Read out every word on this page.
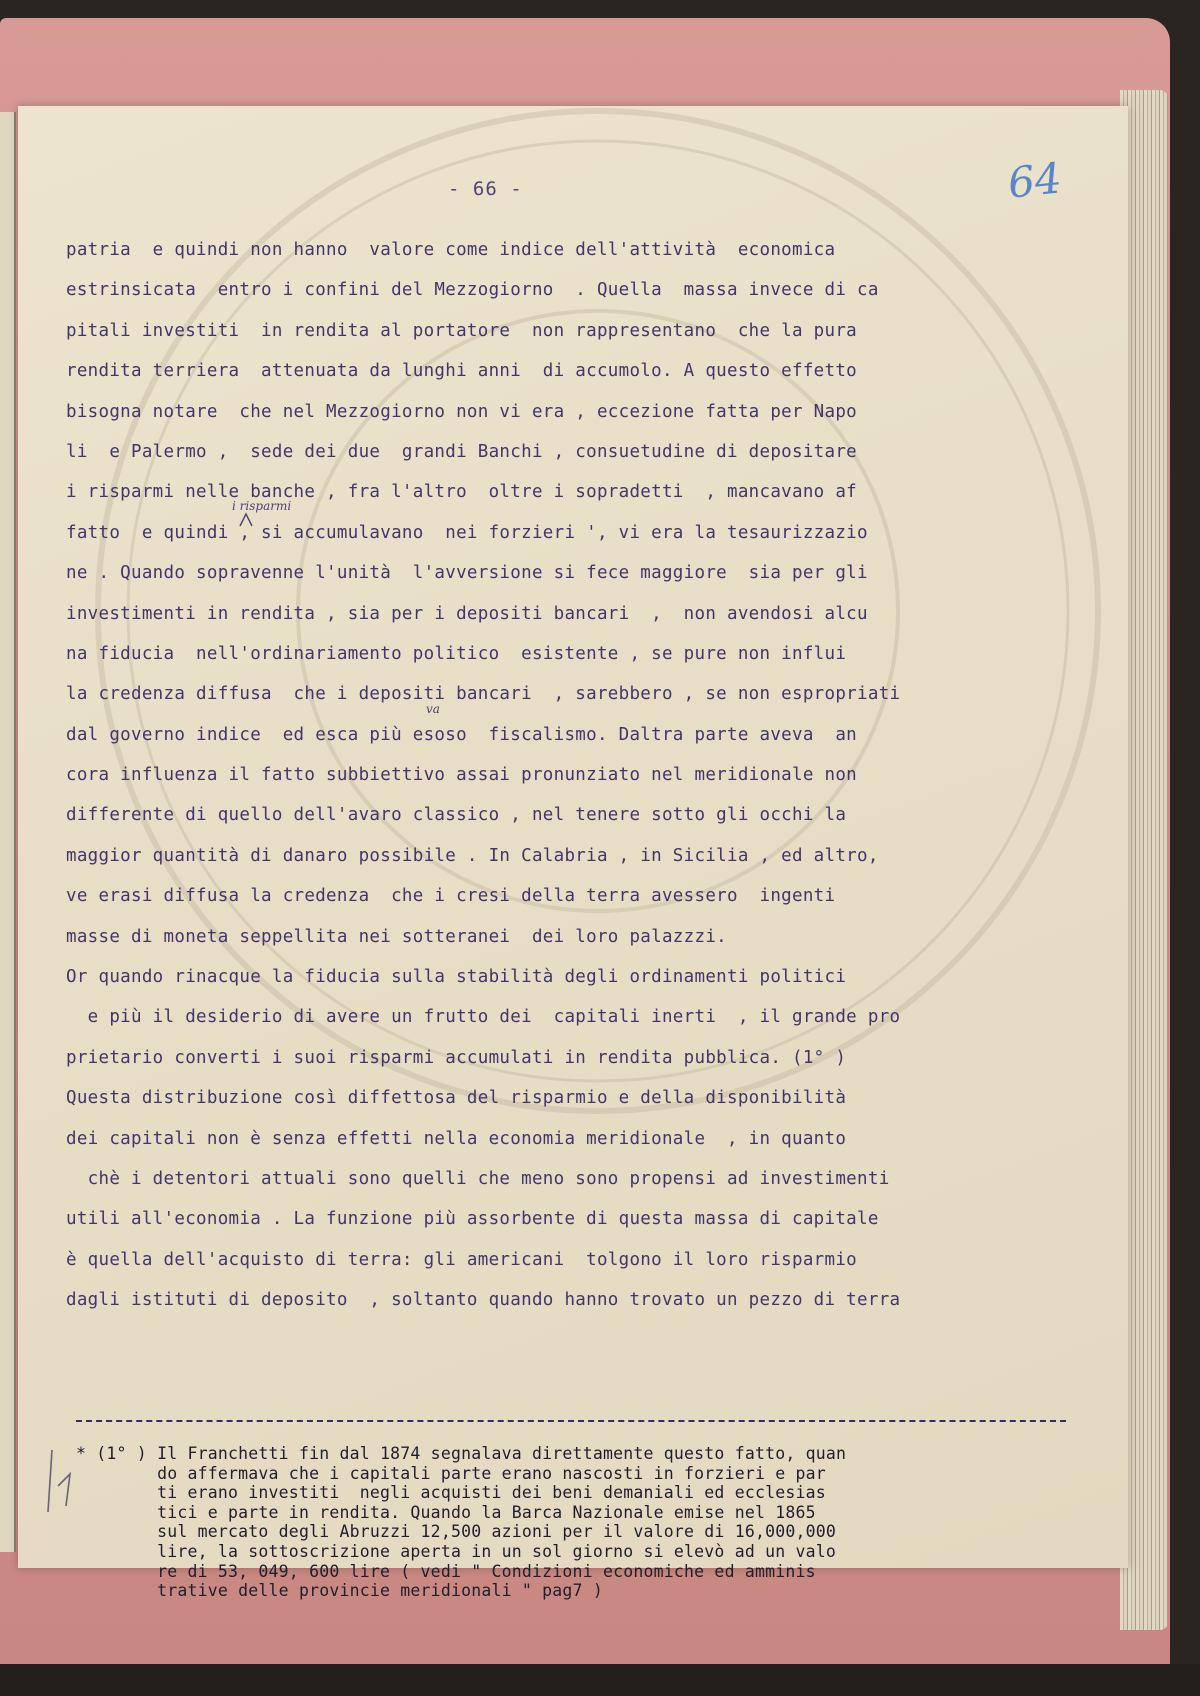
- 66 -	64
patria  e quindi non hanno  valore come indice dell'attività  economica
estrinsicata  entro i confini del Mezzogiorno  . Quella  massa invece di ca
pitali investiti  in rendita al portatore  non rappresentano  che la pura
rendita terriera  attenuata da lunghi anni  di accumolo. A questo effetto
bisogna notare  che nel Mezzogiorno non vi era , eccezione fatta per Napo
li  e Palermo ,  sede dei due  grandi Banchi , consuetudine di depositare
i risparmi nelle banche , fra l'altro  oltre i sopradetti  , mancavano af
fatto  e quindi , si accumulavano  nei forzieri ', vi era la tesaurizzazio
ne . Quando sopravenne l'unità  l'avversione si fece maggiore  sia per gli
investimenti in rendita , sia per i depositi bancari  ,  non avendosi alcu
na fiducia  nell'ordinariamento politico  esistente , se pure non influi
la credenza diffusa  che i depositi bancari  , sarebbero , se non espropriati
dal governo indice  ed esca più esoso  fiscalismo. Daltra parte aveva  an
cora influenza il fatto subbiettivo assai pronunziato nel meridionale non
differente di quello dell'avaro classico , nel tenere sotto gli occhi la
maggior quantità di danaro possibile . In Calabria , in Sicilia , ed altro,
ve erasi diffusa la credenza  che i cresi della terra avessero  ingenti
masse di moneta seppellita nei sotteranei  dei loro palazzzi.
Or quando rinacque la fiducia sulla stabilità degli ordinamenti politici
e più il desiderio di avere un frutto dei  capitali inerti  , il grande pro
prietario converti i suoi risparmi accumulati in rendita pubblica. (1° )
Questa distribuzione così diffettosa del risparmio e della disponibilità
dei capitali non è senza effetti nella economia meridionale  , in quanto
chè i detentori attuali sono quelli che meno sono propensi ad investimenti
utili all'economia . La funzione più assorbente di questa massa di capitale
è quella dell'acquisto di terra: gli americani  tolgono il loro risparmio
dagli istituti di deposito  , soltanto quando hanno trovato un pezzo di terra
i risparmi
va
* (1° ) Il Franchetti fin dal 1874 segnalava direttamente questo fatto, quan
do affermava che i capitali parte erano nascosti in forzieri e par
ti erano investiti  negli acquisti dei beni demaniali ed ecclesias
tici e parte in rendita. Quando la Barca Nazionale emise nel 1865
sul mercato degli Abruzzi 12,500 azioni per il valore di 16,000,000
lire, la sottoscrizione aperta in un sol giorno si elevò ad un valo
re di 53, 049, 600 lire ( vedi " Condizioni economiche ed amminis
trative delle provincie meridionali " pag7 )
